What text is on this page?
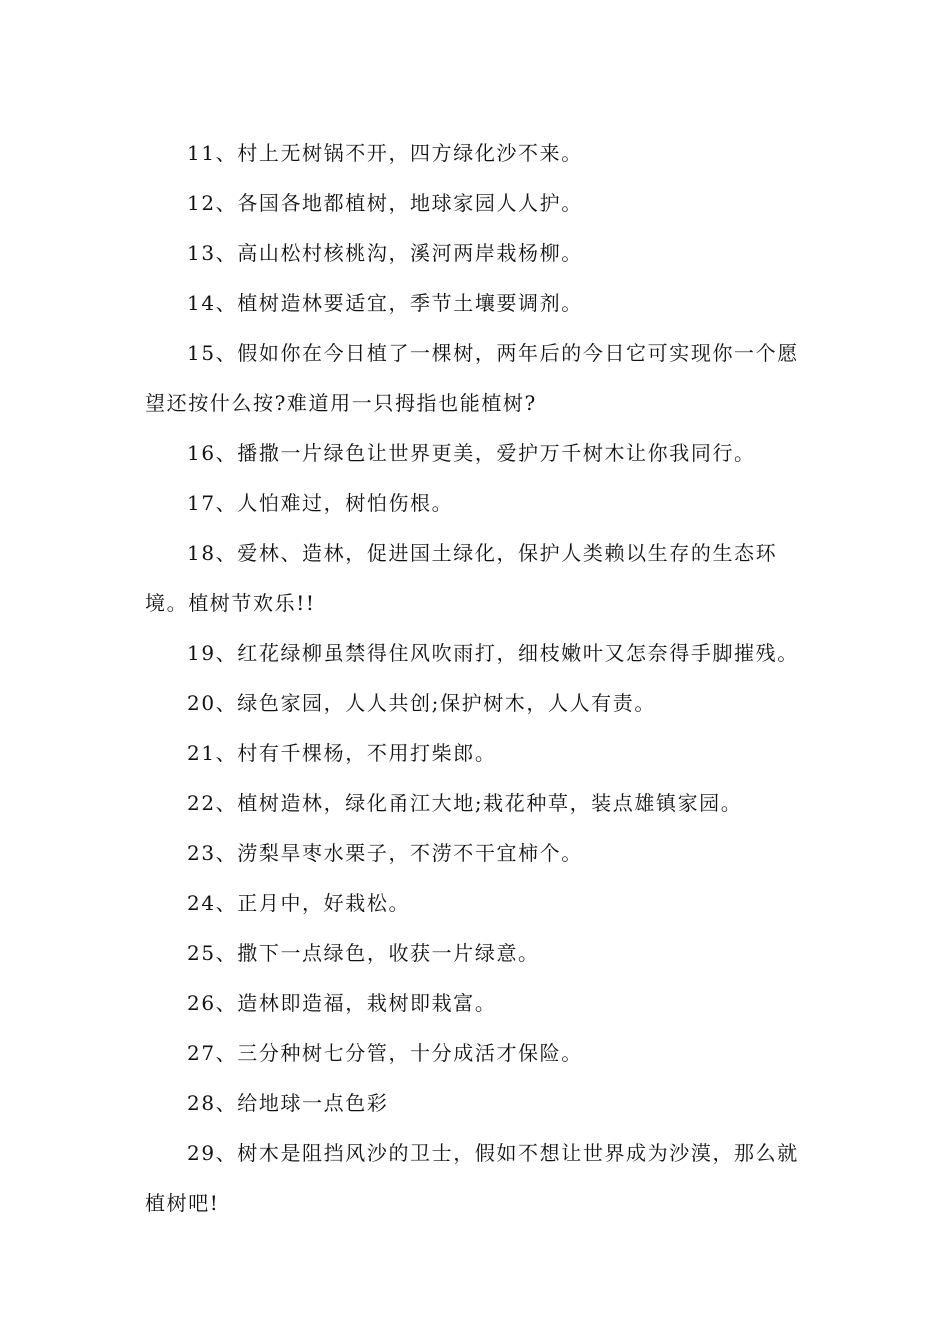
11、村上无树锅不开，四方绿化沙不来。

12、各国各地都植树，地球家园人人护。

13、高山松村核桃沟，溪河两岸栽杨柳。

14、植树造林要适宜，季节土壤要调剂。

15、假如你在今日植了一棵树，两年后的今日它可实现你一个愿望还按什么按?难道用一只拇指也能植树?

16、播撒一片绿色让世界更美，爱护万千树木让你我同行。

17、人怕难过，树怕伤根。

18、爱林、造林，促进国土绿化，保护人类赖以生存的生态环境。植树节欢乐!!

19、红花绿柳虽禁得住风吹雨打，细枝嫩叶又怎奈得手脚摧残。

20、绿色家园，人人共创;保护树木，人人有责。

21、村有千棵杨，不用打柴郎。

22、植树造林，绿化甬江大地;栽花种草，装点雄镇家园。

23、涝梨旱枣水栗子，不涝不干宜柿个。

24、正月中，好栽松。

25、撒下一点绿色，收获一片绿意。

26、造林即造福，栽树即栽富。

27、三分种树七分管，十分成活才保险。

28、给地球一点色彩

29、树木是阻挡风沙的卫士，假如不想让世界成为沙漠，那么就植树吧!
